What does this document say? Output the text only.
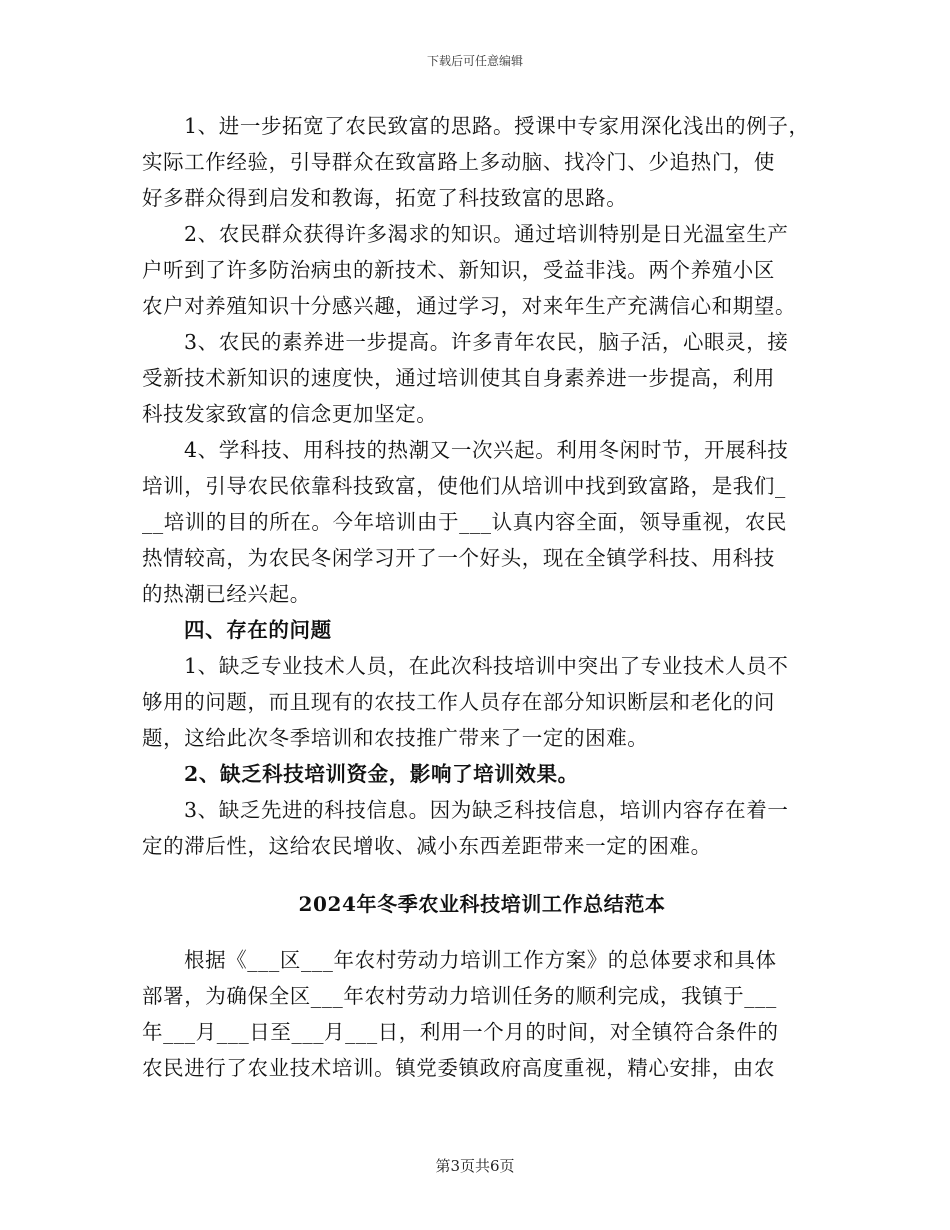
下载后可任意编辑
1、进一步拓宽了农民致富的思路。授课中专家用深化浅出的例子，
实际工作经验，引导群众在致富路上多动脑、找冷门、少追热门，使
好多群众得到启发和教诲，拓宽了科技致富的思路。
2、农民群众获得许多渴求的知识。通过培训特别是日光温室生产
户听到了许多防治病虫的新技术、新知识，受益非浅。两个养殖小区
农户对养殖知识十分感兴趣，通过学习，对来年生产充满信心和期望。
3、农民的素养进一步提高。许多青年农民，脑子活，心眼灵，接
受新技术新知识的速度快，通过培训使其自身素养进一步提高，利用
科技发家致富的信念更加坚定。
4、学科技、用科技的热潮又一次兴起。利用冬闲时节，开展科技
培训，引导农民依靠科技致富，使他们从培训中找到致富路，是我们_
__培训的目的所在。今年培训由于___认真内容全面，领导重视，农民
热情较高，为农民冬闲学习开了一个好头，现在全镇学科技、用科技
的热潮已经兴起。
四、存在的问题
1、缺乏专业技术人员，在此次科技培训中突出了专业技术人员不
够用的问题，而且现有的农技工作人员存在部分知识断层和老化的问
题，这给此次冬季培训和农技推广带来了一定的困难。
2、缺乏科技培训资金，影响了培训效果。
3、缺乏先进的科技信息。因为缺乏科技信息，培训内容存在着一
定的滞后性，这给农民增收、减小东西差距带来一定的困难。
2024年冬季农业科技培训工作总结范本
根据《___区___年农村劳动力培训工作方案》的总体要求和具体
部署，为确保全区___年农村劳动力培训任务的顺利完成，我镇于___
年___月___日至___月___日，利用一个月的时间，对全镇符合条件的
农民进行了农业技术培训。镇党委镇政府高度重视，精心安排，由农
第3页共6页
